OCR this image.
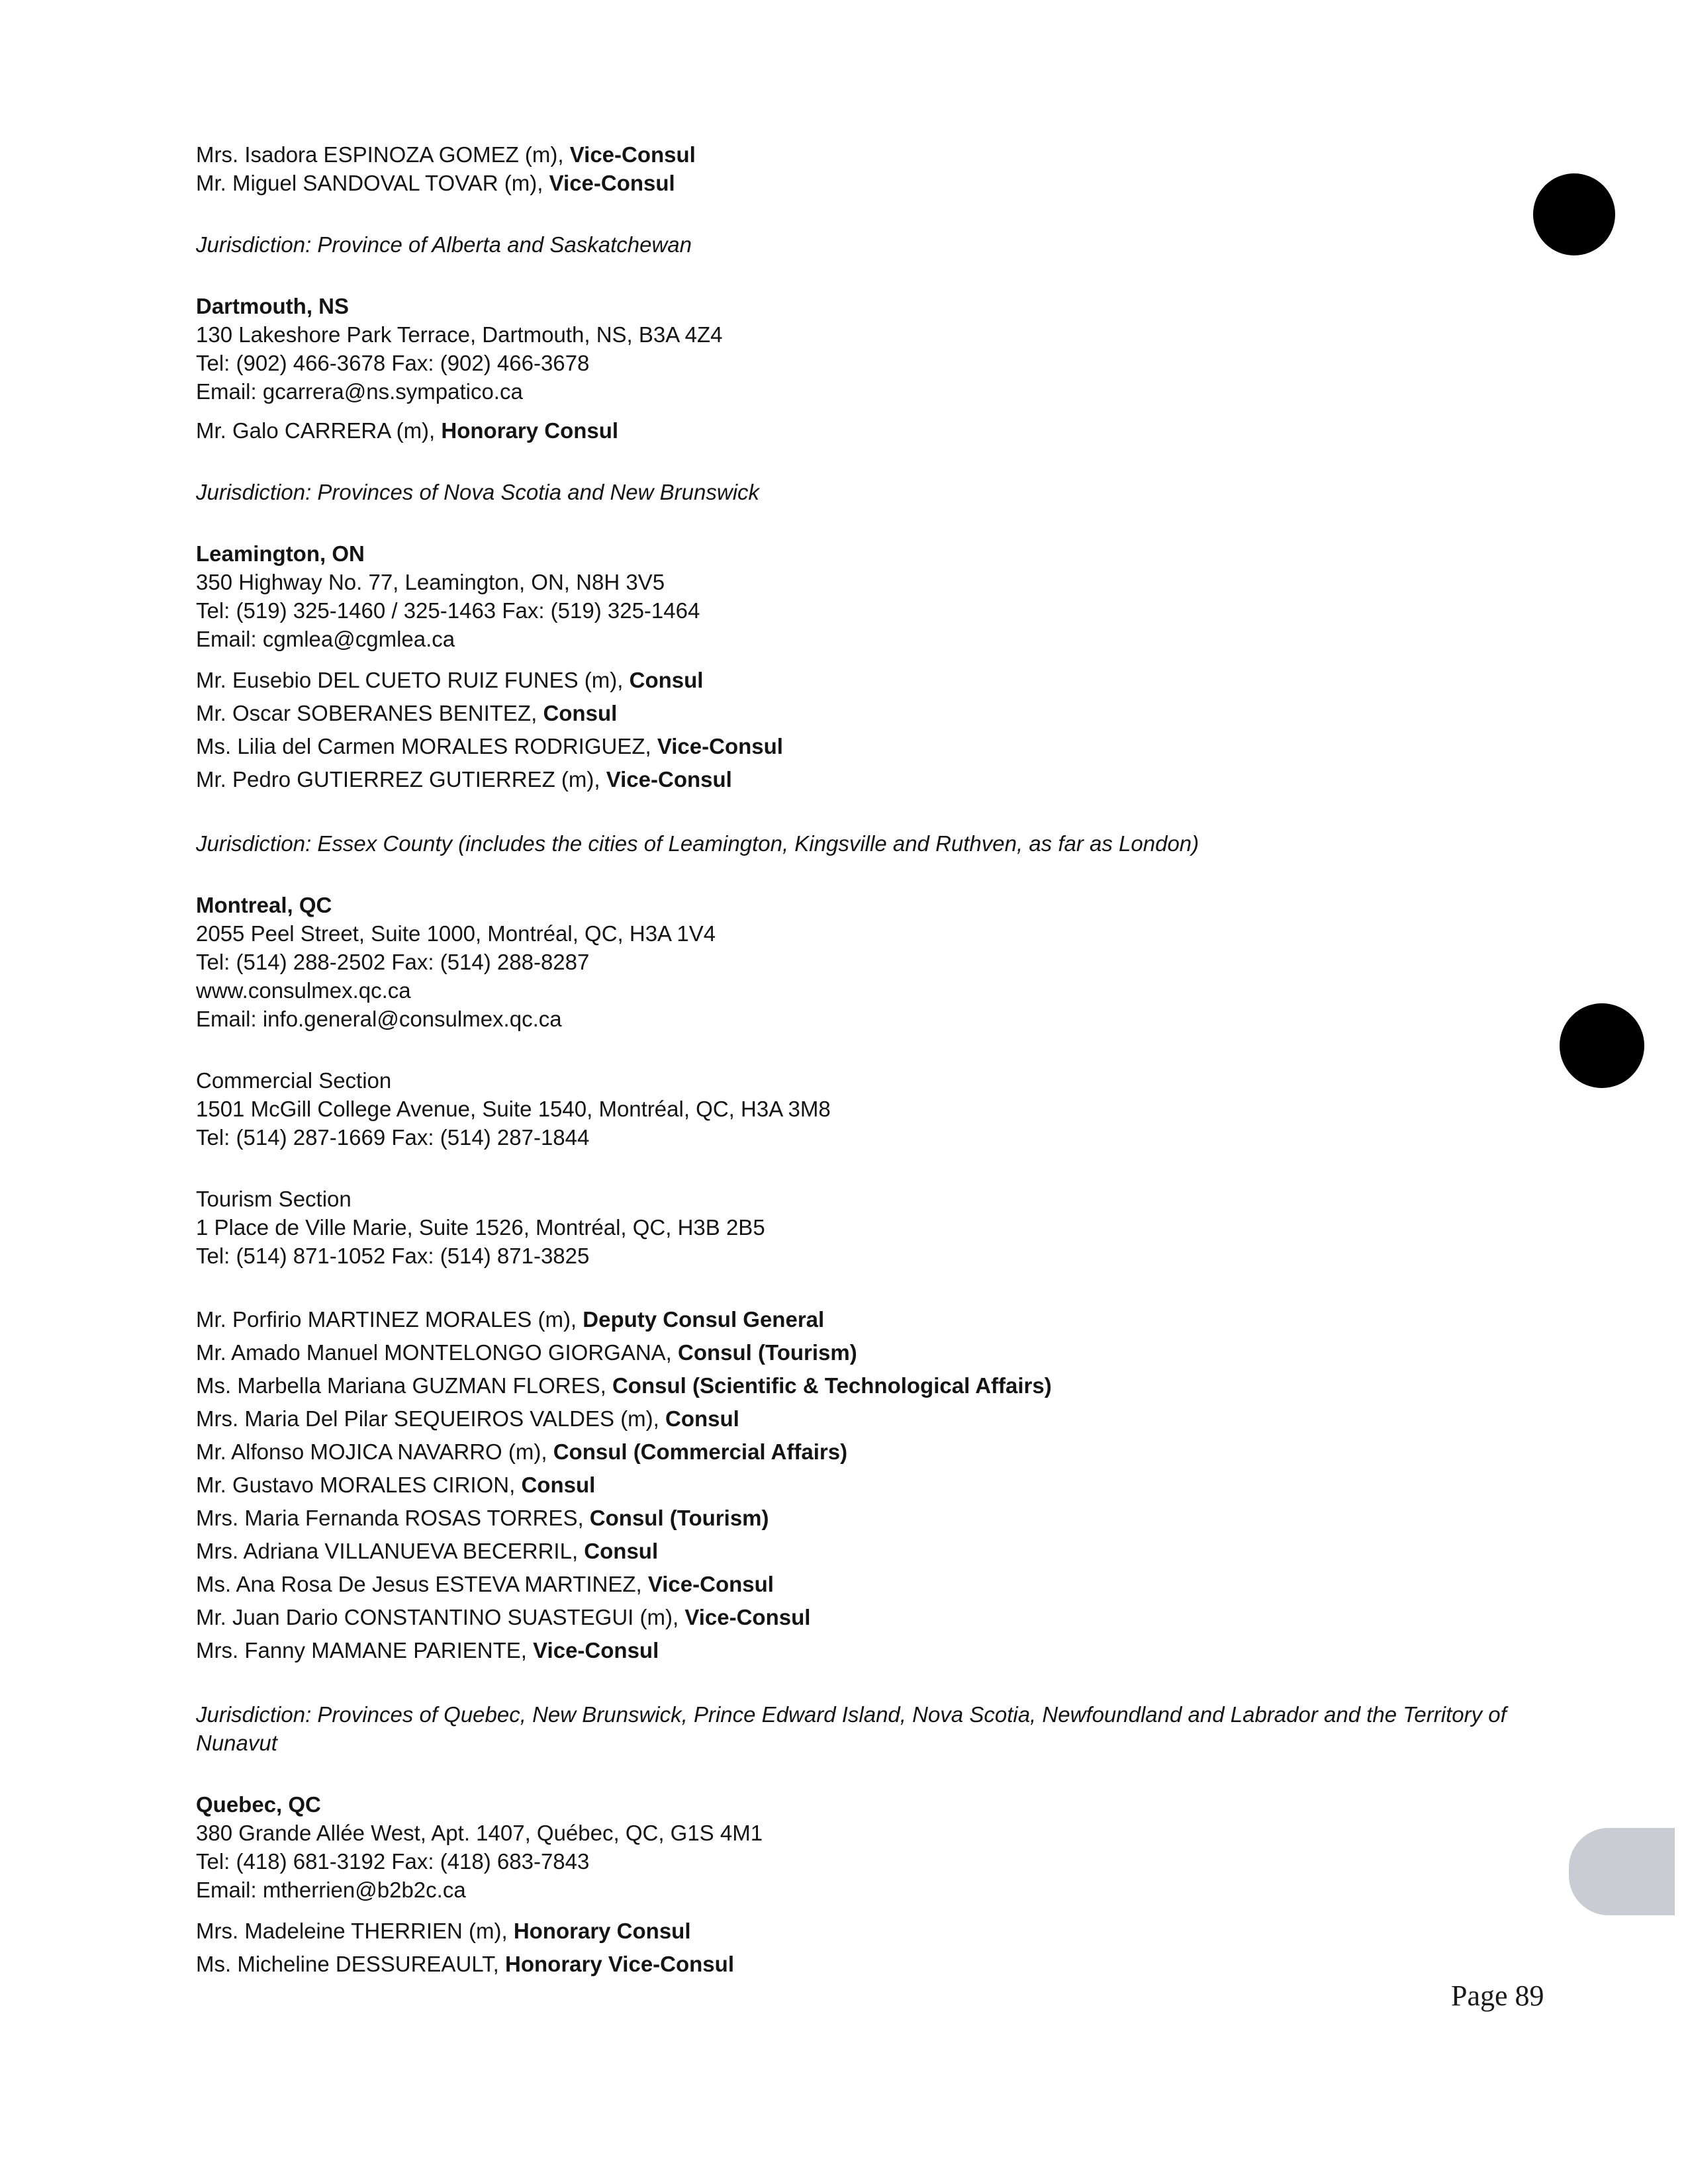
Mrs. Isadora ESPINOZA GOMEZ (m), Vice-Consul
Mr. Miguel SANDOVAL TOVAR (m), Vice-Consul
Jurisdiction: Province of Alberta and Saskatchewan
Dartmouth, NS
130 Lakeshore Park Terrace, Dartmouth, NS, B3A 4Z4
Tel: (902) 466-3678 Fax: (902) 466-3678
Email: gcarrera@ns.sympatico.ca
Mr. Galo CARRERA (m), Honorary Consul
Jurisdiction: Provinces of Nova Scotia and New Brunswick
Leamington, ON
350 Highway No. 77, Leamington, ON, N8H 3V5
Tel: (519) 325-1460 / 325-1463 Fax: (519) 325-1464
Email: cgmlea@cgmlea.ca
Mr. Eusebio DEL CUETO RUIZ FUNES (m), Consul
Mr. Oscar SOBERANES BENITEZ, Consul
Ms. Lilia del Carmen MORALES RODRIGUEZ, Vice-Consul
Mr. Pedro GUTIERREZ GUTIERREZ (m), Vice-Consul
Jurisdiction: Essex County (includes the cities of Leamington, Kingsville and Ruthven, as far as London)
Montreal, QC
2055 Peel Street, Suite 1000, Montréal, QC, H3A 1V4
Tel: (514) 288-2502 Fax: (514) 288-8287
www.consulmex.qc.ca
Email: info.general@consulmex.qc.ca
Commercial Section
1501 McGill College Avenue, Suite 1540, Montréal, QC, H3A 3M8
Tel: (514) 287-1669 Fax: (514) 287-1844
Tourism Section
1 Place de Ville Marie, Suite 1526, Montréal, QC, H3B 2B5
Tel: (514) 871-1052 Fax: (514) 871-3825
Mr. Porfirio MARTINEZ MORALES (m), Deputy Consul General
Mr. Amado Manuel MONTELONGO GIORGANA, Consul (Tourism)
Ms. Marbella Mariana GUZMAN FLORES, Consul (Scientific & Technological Affairs)
Mrs. Maria Del Pilar SEQUEIROS VALDES (m), Consul
Mr. Alfonso MOJICA NAVARRO (m), Consul (Commercial Affairs)
Mr. Gustavo MORALES CIRION, Consul
Mrs. Maria Fernanda ROSAS TORRES, Consul (Tourism)
Mrs. Adriana VILLANUEVA BECERRIL, Consul
Ms. Ana Rosa De Jesus ESTEVA MARTINEZ, Vice-Consul
Mr. Juan Dario CONSTANTINO SUASTEGUI (m), Vice-Consul
Mrs. Fanny MAMANE PARIENTE, Vice-Consul
Jurisdiction: Provinces of Quebec, New Brunswick, Prince Edward Island, Nova Scotia, Newfoundland and Labrador and the Territory of Nunavut
Quebec, QC
380 Grande Allée West, Apt. 1407, Québec, QC, G1S 4M1
Tel: (418) 681-3192 Fax: (418) 683-7843
Email: mtherrien@b2b2c.ca
Mrs. Madeleine THERRIEN (m), Honorary Consul
Ms. Micheline DESSUREAULT, Honorary Vice-Consul
Page 89
